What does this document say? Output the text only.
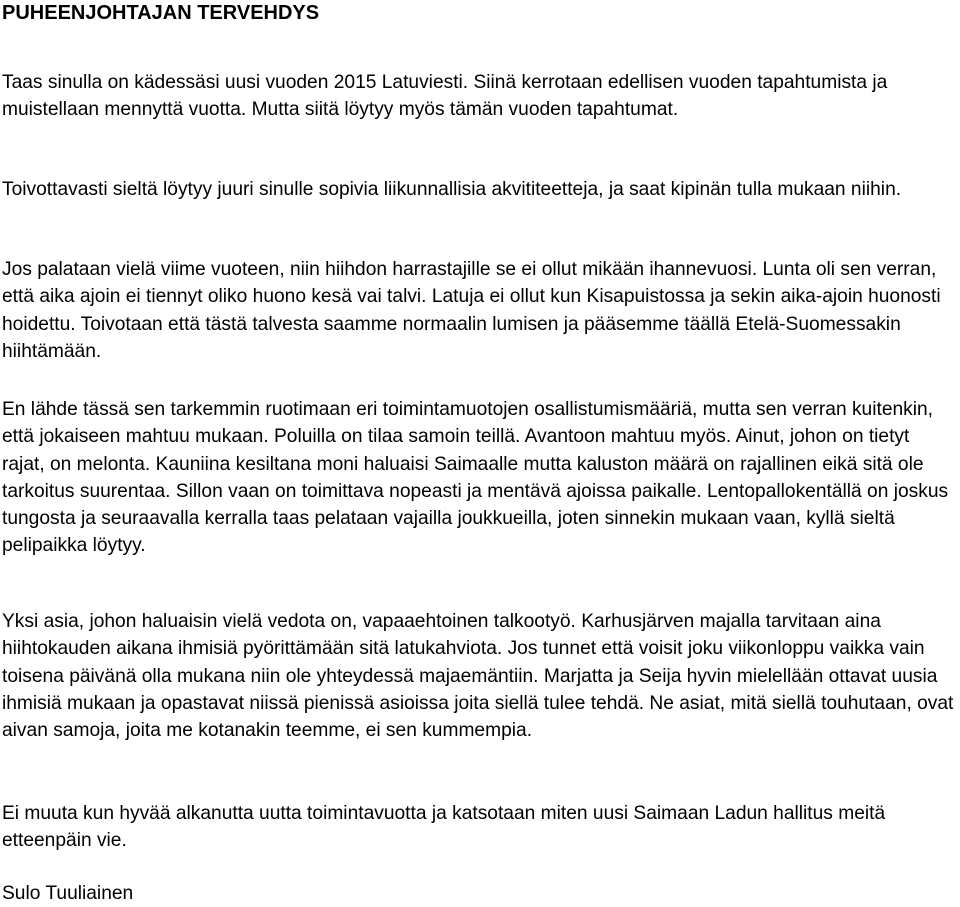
PUHEENJOHTAJAN TERVEHDYS

Taas sinulla on kädessäsi uusi vuoden 2015 Latuviesti. Siinä kerrotaan edellisen vuoden tapahtumista ja muistellaan mennyttä vuotta. Mutta siitä löytyy myös tämän vuoden tapahtumat.

Toivottavasti sieltä löytyy juuri sinulle sopivia liikunnallisia akvititeetteja, ja saat kipinän tulla mukaan niihin.

Jos palataan vielä viime vuoteen, niin hiihdon harrastajille se ei ollut mikään ihannevuosi. Lunta oli sen verran, että aika ajoin ei tiennyt oliko huono kesä vai talvi. Latuja ei ollut kun Kisapuistossa ja sekin aika-ajoin huonosti hoidettu. Toivotaan että tästä talvesta saamme normaalin lumisen ja pääsemme täällä Etelä-Suomessakin hiihtämään.

En lähde tässä sen tarkemmin ruotimaan eri toimintamuotojen osallistumismääriä, mutta sen verran kuitenkin, että jokaiseen mahtuu mukaan. Poluilla on tilaa samoin teillä. Avantoon mahtuu myös. Ainut, johon on tietyt rajat, on melonta. Kauniina kesiltana moni haluaisi Saimaalle mutta kaluston määrä on rajallinen eikä sitä ole tarkoitus suurentaa. Sillon vaan on toimittava nopeasti ja mentävä ajoissa paikalle. Lentopallokentällä on joskus tungosta ja seuraavalla kerralla taas pelataan vajailla joukkueilla, joten sinnekin mukaan vaan, kyllä sieltä pelipaikka löytyy.

Yksi asia, johon haluaisin vielä vedota on, vapaaehtoinen talkootyö. Karhusjärven majalla tarvitaan aina hiihtokauden aikana ihmisiä pyörittämään sitä latukahviota. Jos tunnet että voisit joku viikonloppu vaikka vain toisena päivänä olla mukana niin ole yhteydessä majaemäntiin. Marjatta ja Seija hyvin mielellään ottavat uusia ihmisiä mukaan ja opastavat niissä pienissä asioissa joita siellä tulee tehdä. Ne asiat, mitä siellä touhutaan, ovat aivan samoja, joita me kotanakin teemme, ei sen kummempia.

Ei muuta kun hyvää alkanutta uutta toimintavuotta ja katsotaan miten uusi Saimaan Ladun hallitus meitä etteenpäin vie.

Sulo Tuuliainen
